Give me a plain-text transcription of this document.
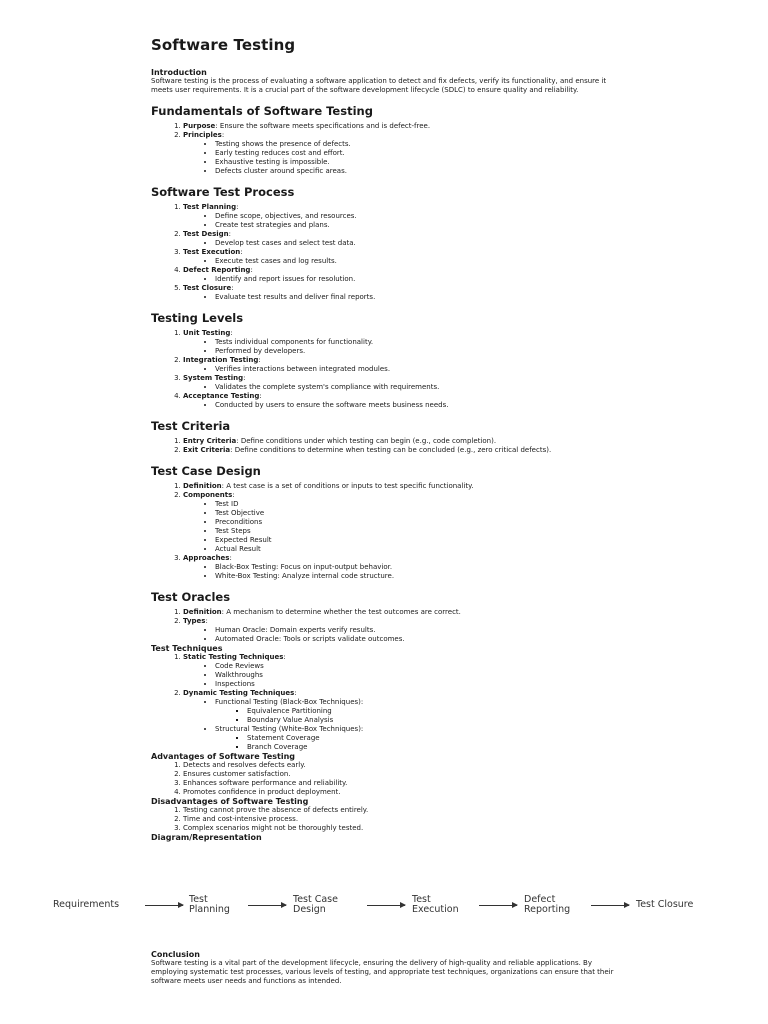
Software Testing
Introduction

Software testing is the process of evaluating a software application to detect and fix defects, verify its functionality, and ensure it meets user requirements. It is a crucial part of the software development lifecycle (SDLC) to ensure quality and reliability.

Fundamentals of Software Testing
1. Purpose: Ensure the software meets specifications and is defect-free.
2. Principles:
• Testing shows the presence of defects.
• Early testing reduces cost and effort.
• Exhaustive testing is impossible.
• Defects cluster around specific areas.
Software Test Process
1. Test Planning:
• Define scope, objectives, and resources.
• Create test strategies and plans.
2. Test Design:
• Develop test cases and select test data.
3. Test Execution:
• Execute test cases and log results.
4. Defect Reporting:
• Identify and report issues for resolution.
5. Test Closure:
• Evaluate test results and deliver final reports.
Testing Levels
1. Unit Testing:
• Tests individual components for functionality.
• Performed by developers.
2. Integration Testing:
• Verifies interactions between integrated modules.
3. System Testing:
• Validates the complete system's compliance with requirements.
4. Acceptance Testing:
• Conducted by users to ensure the software meets business needs.
Test Criteria
1. Entry Criteria: Define conditions under which testing can begin (e.g., code completion).
2. Exit Criteria: Define conditions to determine when testing can be concluded (e.g., zero critical defects).
Test Case Design
1. Definition: A test case is a set of conditions or inputs to test specific functionality.
2. Components:
• Test ID
• Test Objective
• Preconditions
• Test Steps
• Expected Result
• Actual Result
3. Approaches:
• Black-Box Testing: Focus on input-output behavior.
• White-Box Testing: Analyze internal code structure.
Test Oracles
1. Definition: A mechanism to determine whether the test outcomes are correct.
2. Types:
• Human Oracle: Domain experts verify results.
• Automated Oracle: Tools or scripts validate outcomes.
Test Techniques
1. Static Testing Techniques:
• Code Reviews
• Walkthroughs
• Inspections
2. Dynamic Testing Techniques:
• Functional Testing (Black-Box Techniques):
▪ Equivalence Partitioning
▪ Boundary Value Analysis
• Structural Testing (White-Box Techniques):
▪ Statement Coverage
▪ Branch Coverage
Advantages of Software Testing
1. Detects and resolves defects early.
2. Ensures customer satisfaction.
3. Enhances software performance and reliability.
4. Promotes confidence in product deployment.
Disadvantages of Software Testing
1. Testing cannot prove the absence of defects entirely.
2. Time and cost-intensive process.
3. Complex scenarios might not be thoroughly tested.
Diagram/Representation
Requirements	Test
Planning
Test Case
Design
Test
Execution
Defect
Reporting	Test Closure
Conclusion

Software testing is a vital part of the development lifecycle, ensuring the delivery of high-quality and reliable applications. By employing systematic test processes, various levels of testing, and appropriate test techniques, organizations can ensure that their software meets user needs and functions as intended.
